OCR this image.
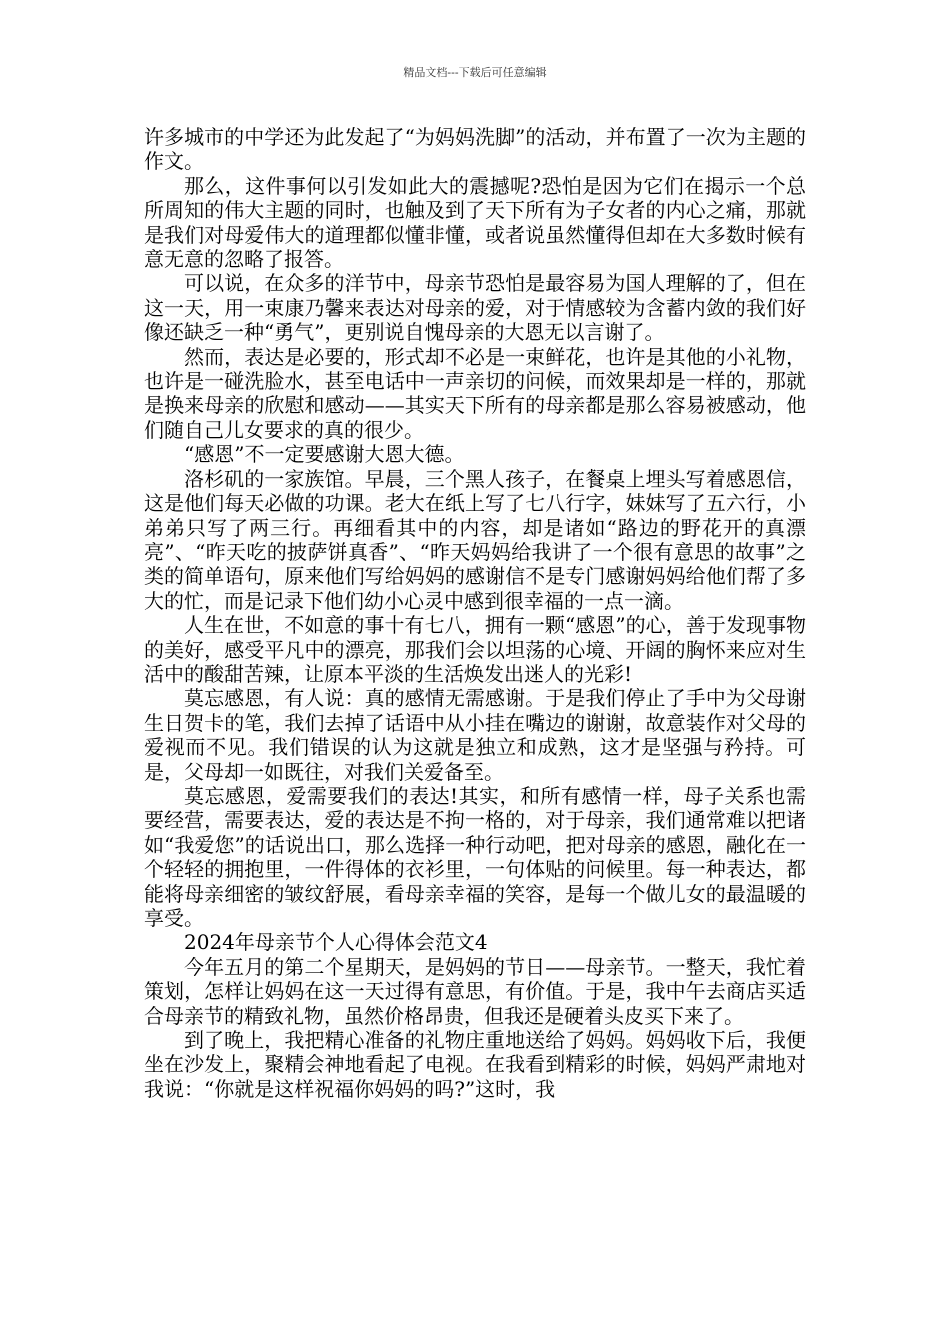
精品文档---下载后可任意编辑

许多城市的中学还为此发起了“为妈妈洗脚”的活动，并布置了一次为主题的作文。

那么，这件事何以引发如此大的震撼呢?恐怕是因为它们在揭示一个总所周知的伟大主题的同时，也触及到了天下所有为子女者的内心之痛，那就是我们对母爱伟大的道理都似懂非懂，或者说虽然懂得但却在大多数时候有意无意的忽略了报答。

可以说，在众多的洋节中，母亲节恐怕是最容易为国人理解的了，但在这一天，用一束康乃馨来表达对母亲的爱，对于情感较为含蓄内敛的我们好像还缺乏一种“勇气”，更别说自愧母亲的大恩无以言谢了。

然而，表达是必要的，形式却不必是一束鲜花，也许是其他的小礼物，也许是一碰洗脸水，甚至电话中一声亲切的问候，而效果却是一样的，那就是换来母亲的欣慰和感动——其实天下所有的母亲都是那么容易被感动，他们随自己儿女要求的真的很少。

“感恩”不一定要感谢大恩大德。

洛杉矶的一家族馆。早晨，三个黑人孩子，在餐桌上埋头写着感恩信，这是他们每天必做的功课。老大在纸上写了七八行字，妹妹写了五六行，小弟弟只写了两三行。再细看其中的内容，却是诸如“路边的野花开的真漂亮”、“昨天吃的披萨饼真香”、“昨天妈妈给我讲了一个很有意思的故事”之类的简单语句，原来他们写给妈妈的感谢信不是专门感谢妈妈给他们帮了多大的忙，而是记录下他们幼小心灵中感到很幸福的一点一滴。

人生在世，不如意的事十有七八，拥有一颗“感恩”的心，善于发现事物的美好，感受平凡中的漂亮，那我们会以坦荡的心境、开阔的胸怀来应对生活中的酸甜苦辣，让原本平淡的生活焕发出迷人的光彩!

莫忘感恩，有人说：真的感情无需感谢。于是我们停止了手中为父母谢生日贺卡的笔，我们去掉了话语中从小挂在嘴边的谢谢，故意装作对父母的爱视而不见。我们错误的认为这就是独立和成熟，这才是坚强与矜持。可是，父母却一如既往，对我们关爱备至。

莫忘感恩，爱需要我们的表达!其实，和所有感情一样，母子关系也需要经营，需要表达，爱的表达是不拘一格的，对于母亲，我们通常难以把诸如“我爱您”的话说出口，那么选择一种行动吧，把对母亲的感恩，融化在一个轻轻的拥抱里，一件得体的衣衫里，一句体贴的问候里。每一种表达，都能将母亲细密的皱纹舒展，看母亲幸福的笑容，是每一个做儿女的最温暖的享受。

2024年母亲节个人心得体会范文4

今年五月的第二个星期天，是妈妈的节日——母亲节。一整天，我忙着策划，怎样让妈妈在这一天过得有意思，有价值。于是，我中午去商店买适合母亲节的精致礼物，虽然价格昂贵，但我还是硬着头皮买下来了。

到了晚上，我把精心准备的礼物庄重地送给了妈妈。妈妈收下后，我便坐在沙发上，聚精会神地看起了电视。在我看到精彩的时候，妈妈严肃地对我说：“你就是这样祝福你妈妈的吗?”这时，我
